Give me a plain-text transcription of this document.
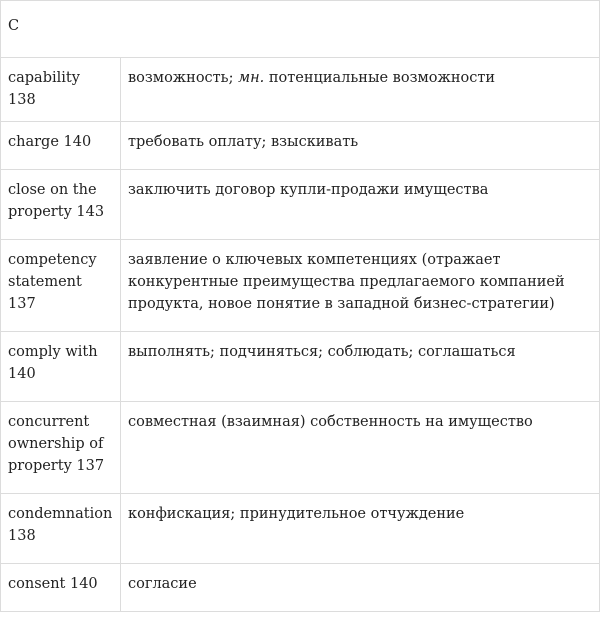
C	
capability 138	возможность; мн. потенциальные возможности
charge 140	требовать оплату; взыскивать
close on the property 143	заключить договор купли-продажи имущества
competency statement 137	заявление о ключевых компетенциях (отражает конкурентные преимущества предлагаемого компанией продукта, новое понятие в западной бизнес-стратегии)
comply with 140	выполнять; подчиняться; соблюдать; соглашаться
concurrent ownership of property 137	совместная (взаимная) собственность на имущество
condemnation 138	конфискация; принудительное отчуждение
consent 140	согласие
